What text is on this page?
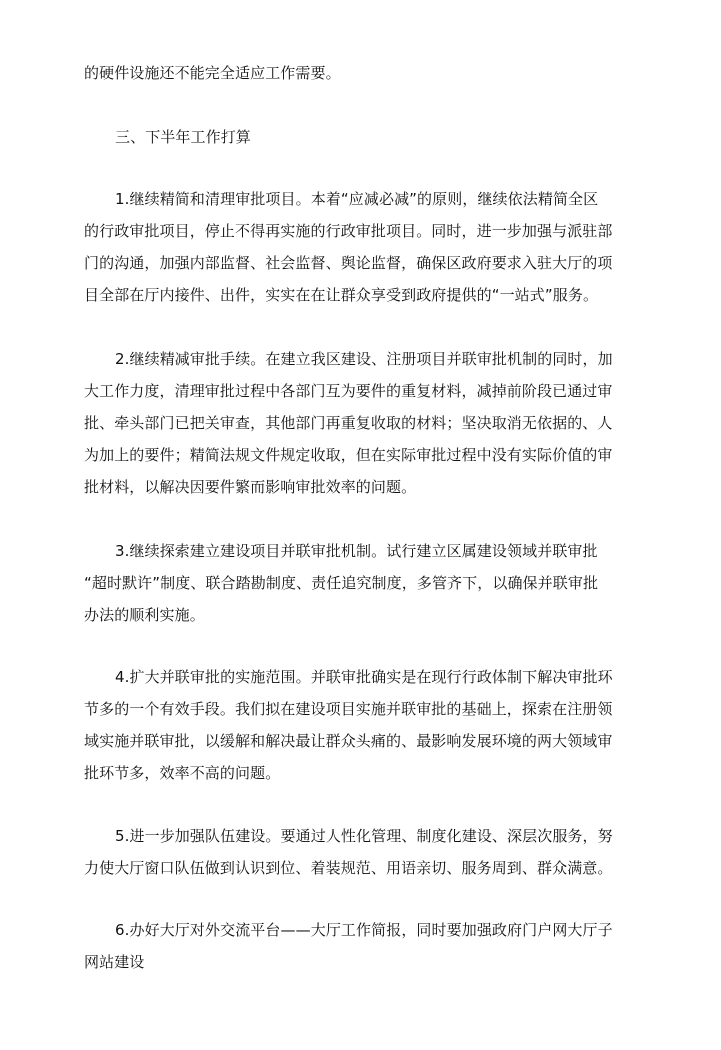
的硬件设施还不能完全适应工作需要。
三、下半年工作打算
1.继续精简和清理审批项目。本着“应减必减”的原则，继续依法精简全区
的行政审批项目，停止不得再实施的行政审批项目。同时，进一步加强与派驻部
门的沟通，加强内部监督、社会监督、舆论监督，确保区政府要求入驻大厅的项
目全部在厅内接件、出件，实实在在让群众享受到政府提供的“一站式”服务。
2.继续精减审批手续。在建立我区建设、注册项目并联审批机制的同时，加
大工作力度，清理审批过程中各部门互为要件的重复材料，减掉前阶段已通过审
批、牵头部门已把关审查，其他部门再重复收取的材料；坚决取消无依据的、人
为加上的要件；精简法规文件规定收取，但在实际审批过程中没有实际价值的审
批材料，以解决因要件繁而影响审批效率的问题。
3.继续探索建立建设项目并联审批机制。试行建立区属建设领域并联审批
“超时默许”制度、联合踏勘制度、责任追究制度，多管齐下，以确保并联审批
办法的顺利实施。
4.扩大并联审批的实施范围。并联审批确实是在现行行政体制下解决审批环
节多的一个有效手段。我们拟在建设项目实施并联审批的基础上，探索在注册领
域实施并联审批，以缓解和解决最让群众头痛的、最影响发展环境的两大领域审
批环节多，效率不高的问题。
5.进一步加强队伍建设。要通过人性化管理、制度化建设、深层次服务，努
力使大厅窗口队伍做到认识到位、着装规范、用语亲切、服务周到、群众满意。
6.办好大厅对外交流平台——大厅工作简报，同时要加强政府门户网大厅子
网站建设
